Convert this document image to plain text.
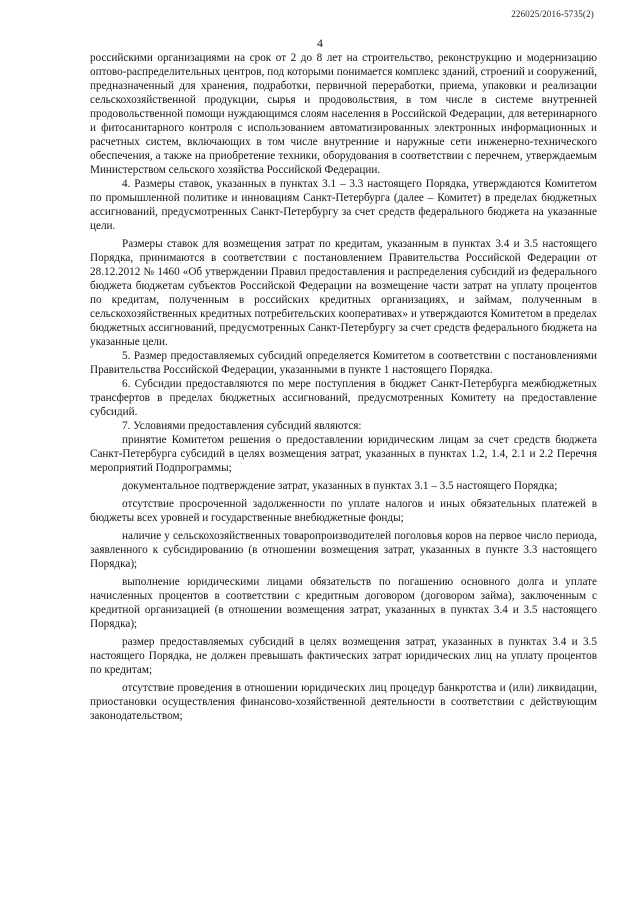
226025/2016-5735(2)
4

российскими организациями на срок от 2 до 8 лет на строительство, реконструкцию и модернизацию оптово-распределительных центров, под которыми понимается комплекс зданий, строений и сооружений, предназначенный для хранения, подработки, первичной переработки, приема, упаковки и реализации сельскохозяйственной продукции, сырья и продовольствия, в том числе в системе внутренней продовольственной помощи нуждающимся слоям населения в Российской Федерации, для ветеринарного и фитосанитарного контроля с использованием автоматизированных электронных информационных и расчетных систем, включающих в том числе внутренние и наружные сети инженерно-технического обеспечения, а также на приобретение техники, оборудования в соответствии с перечнем, утверждаемым Министерством сельского хозяйства Российской Федерации.

4. Размеры ставок, указанных в пунктах 3.1 – 3.3 настоящего Порядка, утверждаются Комитетом по промышленной политике и инновациям Санкт-Петербурга (далее – Комитет) в пределах бюджетных ассигнований, предусмотренных Санкт-Петербургу за счет средств федерального бюджета на указанные цели.

Размеры ставок для возмещения затрат по кредитам, указанным в пунктах 3.4 и 3.5 настоящего Порядка, принимаются в соответствии с постановлением Правительства Российской Федерации от 28.12.2012 № 1460 «Об утверждении Правил предоставления и распределения субсидий из федерального бюджета бюджетам субъектов Российской Федерации на возмещение части затрат на уплату процентов по кредитам, полученным в российских кредитных организациях, и займам, полученным в сельскохозяйственных кредитных потребительских кооперативах» и утверждаются Комитетом в пределах бюджетных ассигнований, предусмотренных Санкт-Петербургу за счет средств федерального бюджета на указанные цели.

5. Размер предоставляемых субсидий определяется Комитетом в соответствии с постановлениями Правительства Российской Федерации, указанными в пункте 1 настоящего Порядка.

6. Субсидии предоставляются по мере поступления в бюджет Санкт-Петербурга межбюджетных трансфертов в пределах бюджетных ассигнований, предусмотренных Комитету на предоставление субсидий.

7. Условиями предоставления субсидий являются:

принятие Комитетом решения о предоставлении юридическим лицам за счет средств бюджета Санкт-Петербурга субсидий в целях возмещения затрат, указанных в пунктах 1.2, 1.4, 2.1 и 2.2 Перечня мероприятий Подпрограммы;

документальное подтверждение затрат, указанных в пунктах 3.1 – 3.5 настоящего Порядка;

отсутствие просроченной задолженности по уплате налогов и иных обязательных платежей в бюджеты всех уровней и государственные внебюджетные фонды;

наличие у сельскохозяйственных товаропроизводителей поголовья коров на первое число периода, заявленного к субсидированию (в отношении возмещения затрат, указанных в пункте 3.3 настоящего Порядка);

выполнение юридическими лицами обязательств по погашению основного долга и уплате начисленных процентов в соответствии с кредитным договором (договором займа), заключенным с кредитной организацией (в отношении возмещения затрат, указанных в пунктах 3.4 и 3.5 настоящего Порядка);

размер предоставляемых субсидий в целях возмещения затрат, указанных в пунктах 3.4 и 3.5 настоящего Порядка, не должен превышать фактических затрат юридических лиц на уплату процентов по кредитам;

отсутствие проведения в отношении юридических лиц процедур банкротства и (или) ликвидации, приостановки осуществления финансово-хозяйственной деятельности в соответствии с действующим законодательством;
